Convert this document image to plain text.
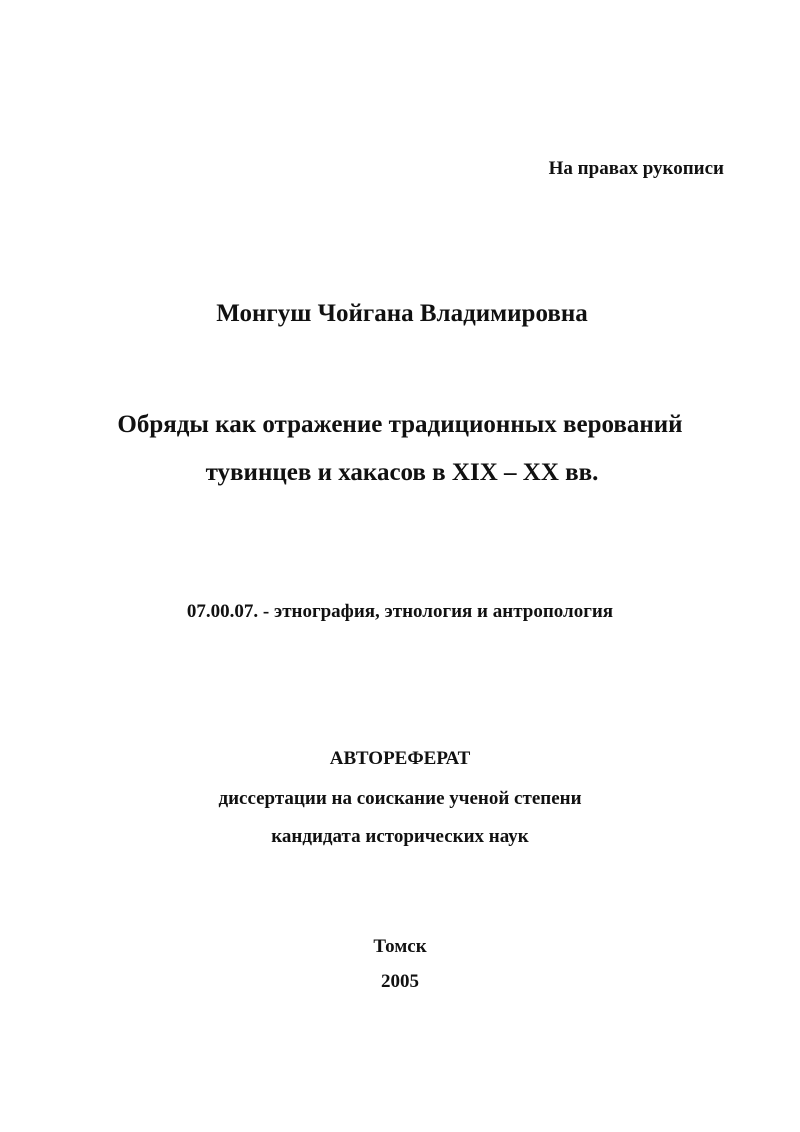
На правах рукописи
Монгуш Чойгана Владимировна
Обряды как отражение традиционных верований
тувинцев и хакасов в XIX – XX вв.
07.00.07. - этнография, этнология и антропология
АВТОРЕФЕРАТ
диссертации на соискание ученой степени
кандидата исторических наук
Томск
2005
